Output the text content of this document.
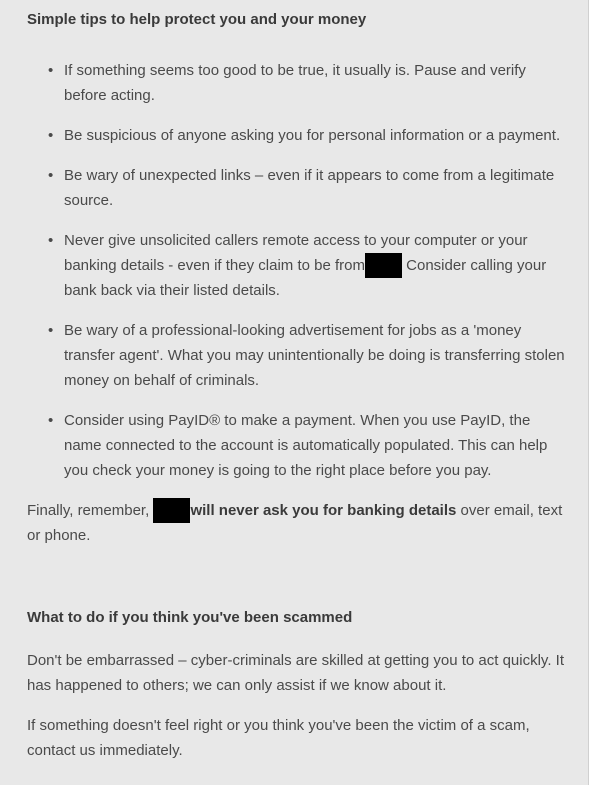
Simple tips to help protect you and your money
• If something seems too good to be true, it usually is. Pause and verify before acting.
• Be suspicious of anyone asking you for personal information or a payment.
• Be wary of unexpected links – even if it appears to come from a legitimate source.
• Never give unsolicited callers remote access to your computer or your banking details - even if they claim to be from Consider calling your bank back via their listed details.
• Be wary of a professional-looking advertisement for jobs as a 'money transfer agent'. What you may unintentionally be doing is transferring stolen money on behalf of criminals.
• Consider using PayID® to make a payment. When you use PayID, the name connected to the account is automatically populated. This can help you check your money is going to the right place before you pay.

Finally, remember, will never ask you for banking details over email, text or phone.

What to do if you think you've been scammed

Don't be embarrassed – cyber-criminals are skilled at getting you to act quickly. It has happened to others; we can only assist if we know about it.

If something doesn't feel right or you think you've been the victim of a scam, contact us immediately.
